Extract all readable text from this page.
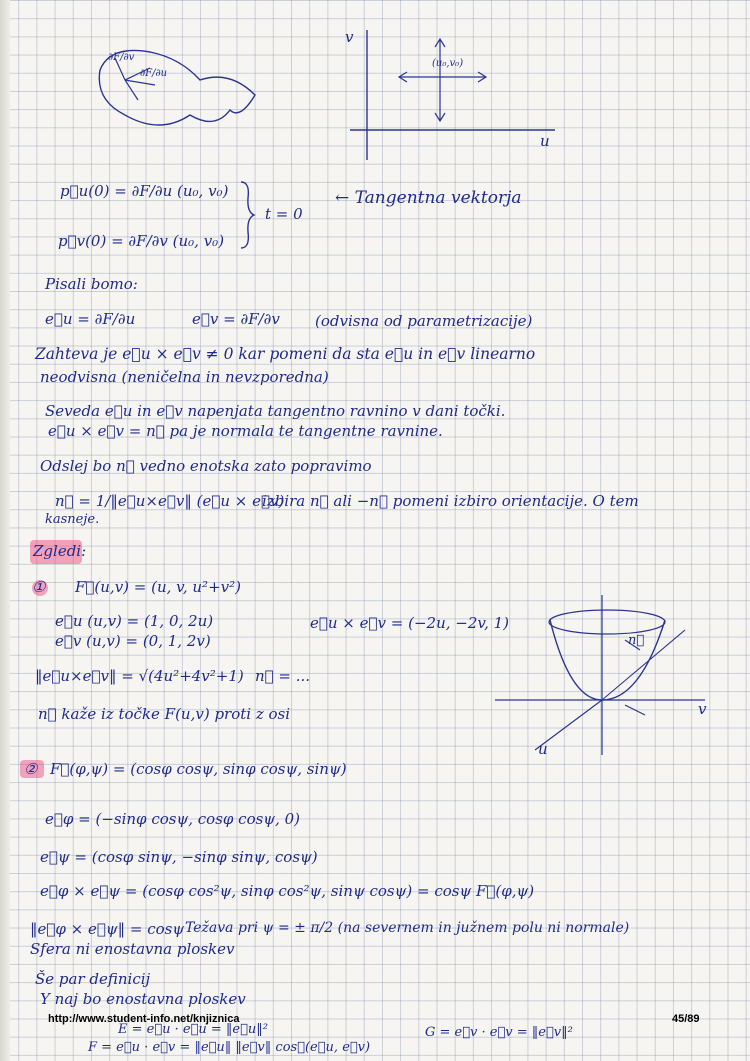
∂F/∂v
∂F/∂u
v
u
(u₀,v₀)
p⃗u(0) = ∂F/∂u (u₀, v₀)
p⃗v(0) = ∂F/∂v (u₀, v₀)
t = 0
← Tangentna vektorja
Pisali bomo:
e⃗u = ∂F/∂u	e⃗v = ∂F/∂v (odvisna od parametrizacije)
Zahteva je e⃗u × e⃗v ≠ 0 kar pomeni da sta e⃗u in e⃗v linearno
neodvisna (neničelna in nevzporedna)
Seveda e⃗u in e⃗v napenjata tangentno ravnino v dani točki.
e⃗u × e⃗v = n⃗ pa je normala te tangentne ravnine.
Odslej bo n⃗ vedno enotska zato popravimo
n⃗ = 1/‖e⃗u×e⃗v‖ (e⃗u × e⃗v)
izbira n⃗ ali −n⃗ pomeni izbiro orientacije. O tem
kasneje.
Zgledi:
① F⃗(u,v) = (u, v, u²+v²)
e⃗u (u,v) = (1, 0, 2u)
e⃗v (u,v) = (0, 1, 2v)
e⃗u × e⃗v = (−2u, −2v, 1)
‖e⃗u×e⃗v‖ = √(4u²+4v²+1) n⃗ = ...
n⃗ kaže iz točke F(u,v) proti z osi	v
u
n⃗
② F⃗(φ,ψ) = (cosφ cosψ, sinφ cosψ, sinψ)
e⃗φ = (−sinφ cosψ, cosφ cosψ, 0)
e⃗ψ = (cosφ sinψ, −sinφ sinψ, cosψ)
e⃗φ × e⃗ψ = (cosφ cos²ψ, sinφ cos²ψ, sinψ cosψ) = cosψ F⃗(φ,ψ)
‖e⃗φ × e⃗ψ‖ = cosψ Težava pri ψ = ± π/2 (na severnem in južnem polu ni normale)
Sfera ni enostavna ploskev
Še par definicij
Y naj bo enostavna ploskev
E = e⃗u · e⃗u = ‖e⃗u‖²
F = e⃗u · e⃗v = ‖e⃗u‖ ‖e⃗v‖ cos∡(e⃗u, e⃗v)
G = e⃗v · e⃗v = ‖e⃗v‖²
http://www.student-info.net/knjiznica	45/89
